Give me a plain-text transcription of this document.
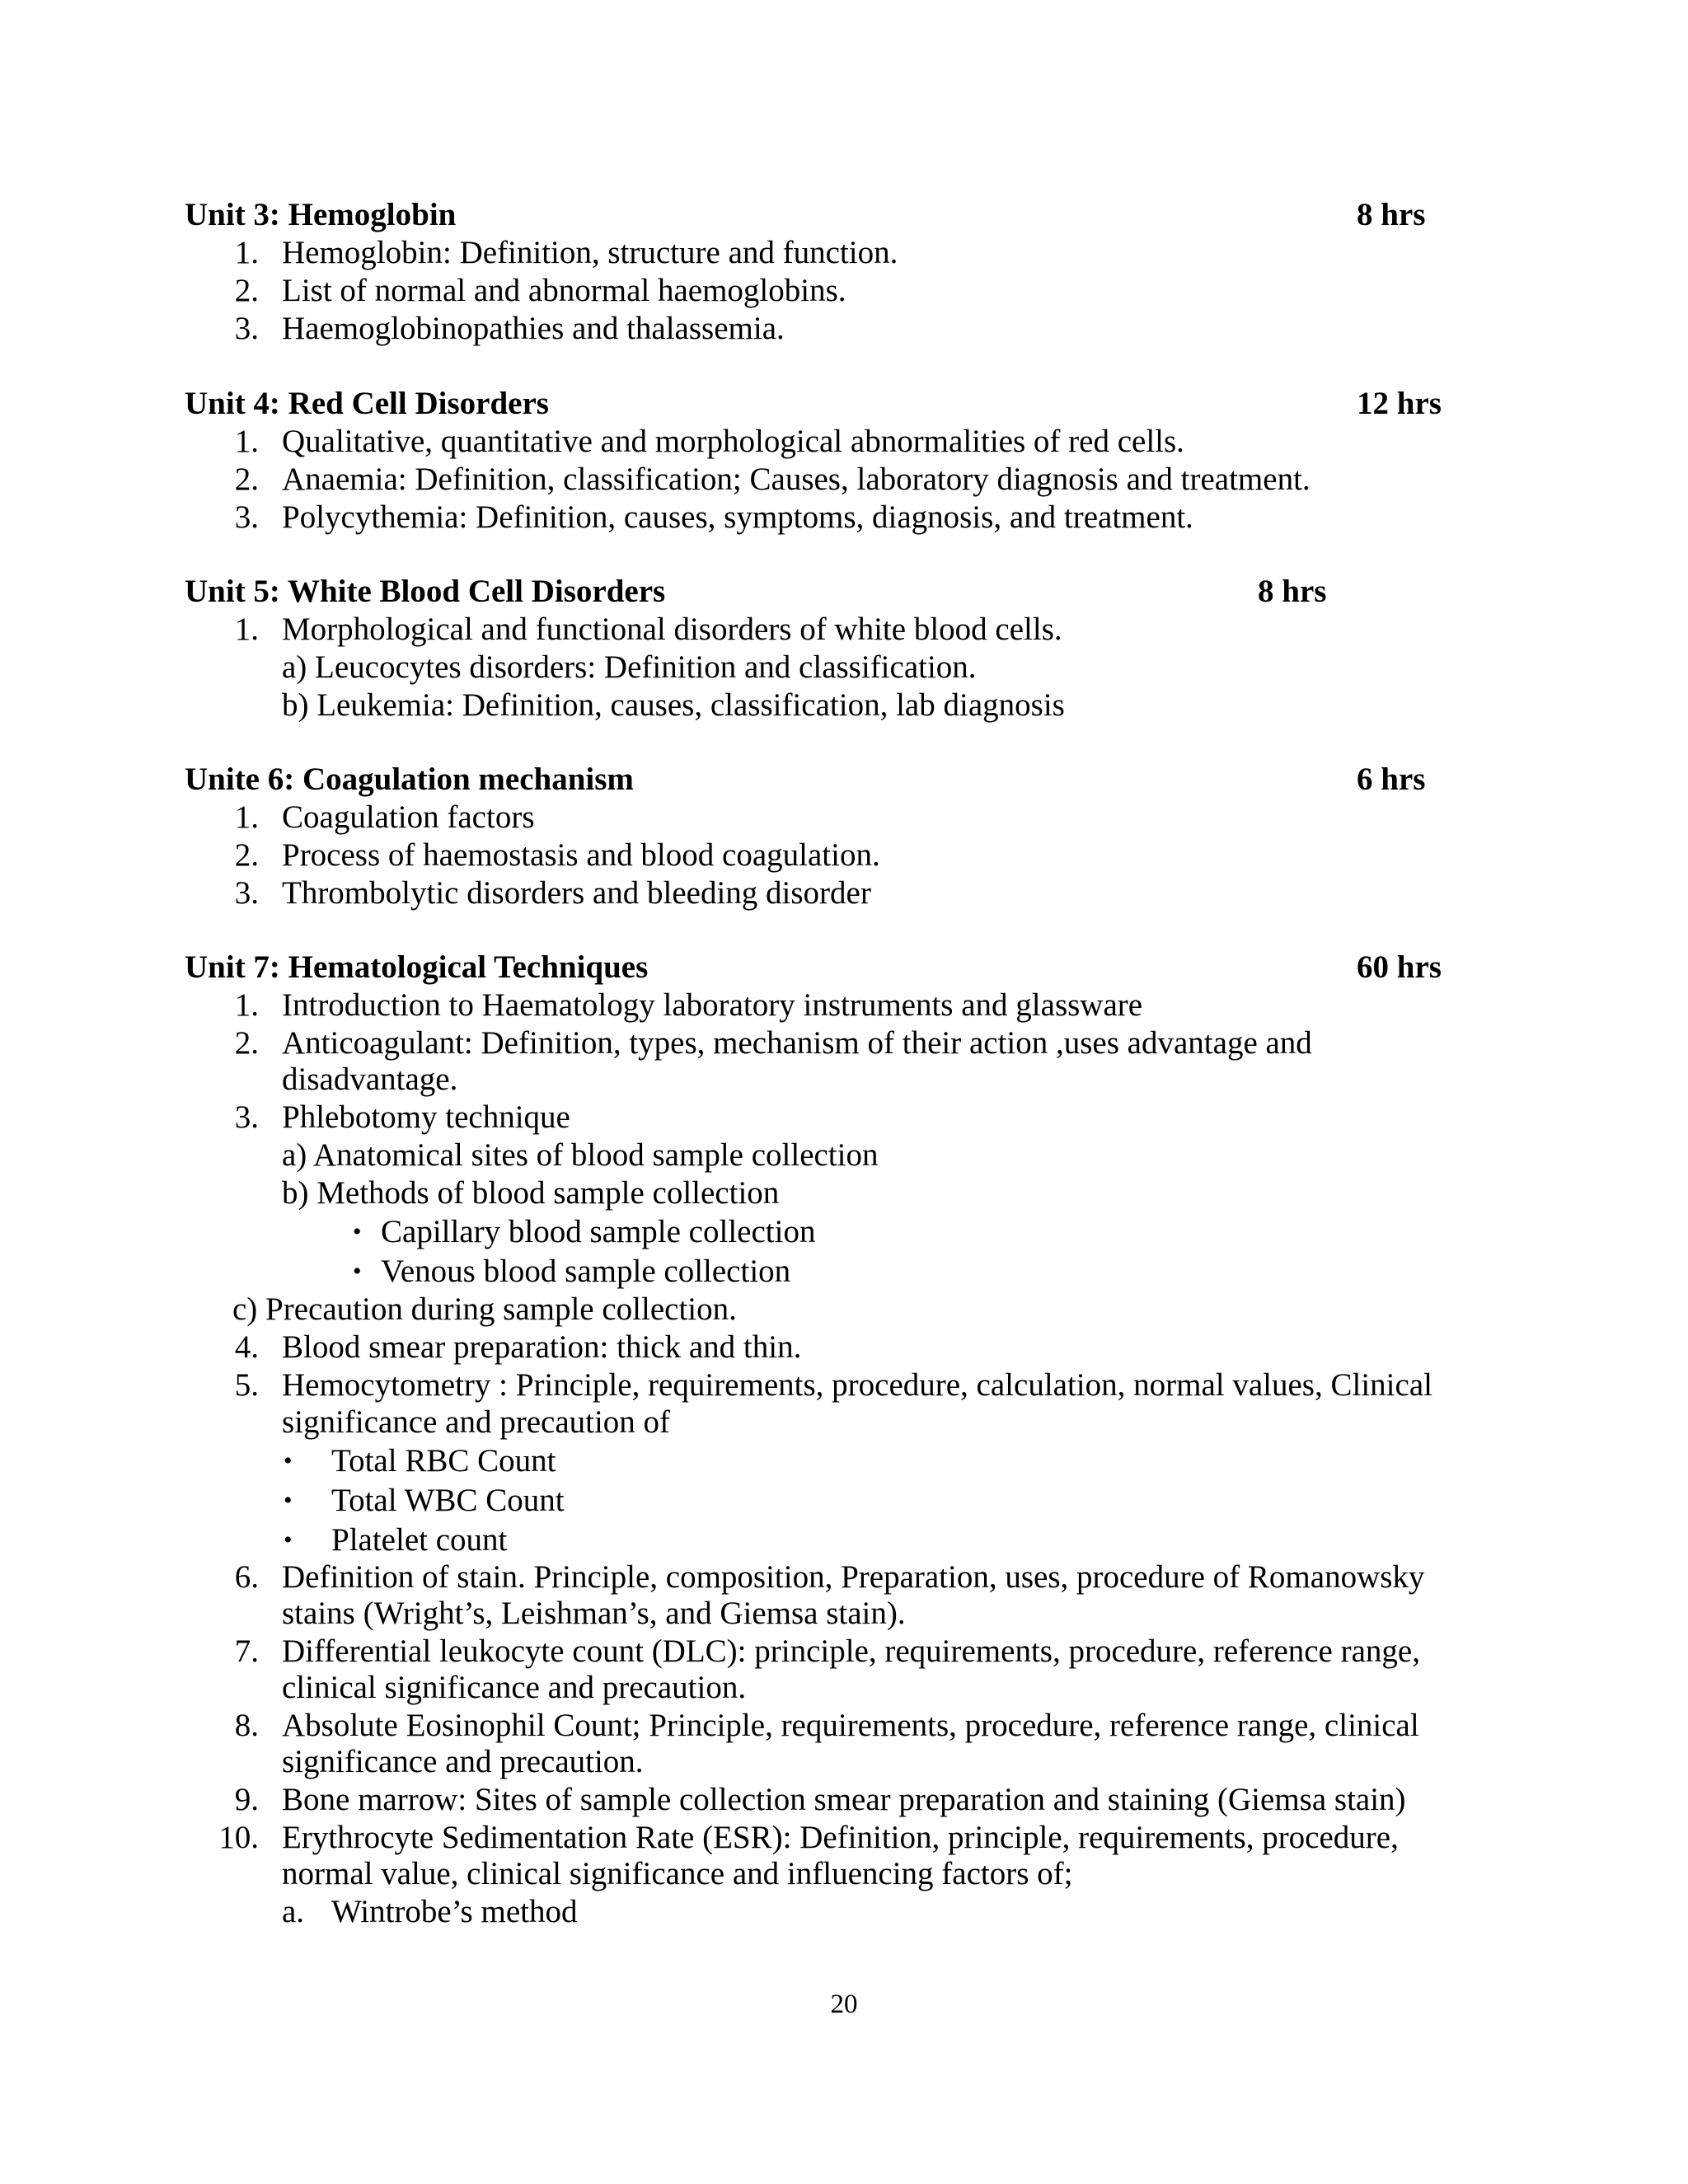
Unit 3: Hemoglobin	8 hrs
1. Hemoglobin: Definition, structure and function.
2. List of normal and abnormal haemoglobins.
3. Haemoglobinopathies and thalassemia.
Unit 4: Red Cell Disorders	12 hrs
1. Qualitative, quantitative and morphological abnormalities of red cells.
2. Anaemia: Definition, classification; Causes, laboratory diagnosis and treatment.
3. Polycythemia: Definition, causes, symptoms, diagnosis, and treatment.
Unit 5: White Blood Cell Disorders	8 hrs
1. Morphological and functional disorders of white blood cells.
a) Leucocytes disorders: Definition and classification.
b) Leukemia: Definition, causes, classification, lab diagnosis
Unite 6: Coagulation mechanism	6 hrs
1. Coagulation factors
2. Process of haemostasis and blood coagulation.
3. Thrombolytic disorders and bleeding disorder
Unit 7: Hematological Techniques	60 hrs
1. Introduction to Haematology laboratory instruments and glassware
2. Anticoagulant: Definition, types, mechanism of their action ,uses advantage and
disadvantage.
3. Phlebotomy technique
a) Anatomical sites of blood sample collection
b) Methods of blood sample collection
• Capillary blood sample collection
• Venous blood sample collection
c) Precaution during sample collection.
4. Blood smear preparation: thick and thin.
5. Hemocytometry : Principle, requirements, procedure, calculation, normal values, Clinical
significance and precaution of
• Total RBC Count
• Total WBC Count
• Platelet count
6. Definition of stain. Principle, composition, Preparation, uses, procedure of Romanowsky
stains (Wright’s, Leishman’s, and Giemsa stain).
7. Differential leukocyte count (DLC): principle, requirements, procedure, reference range,
clinical significance and precaution.
8. Absolute Eosinophil Count; Principle, requirements, procedure, reference range, clinical
significance and precaution.
9. Bone marrow: Sites of sample collection smear preparation and staining (Giemsa stain)
10. Erythrocyte Sedimentation Rate (ESR): Definition, principle, requirements, procedure,
normal value, clinical significance and influencing factors of;
a. Wintrobe’s method
20
